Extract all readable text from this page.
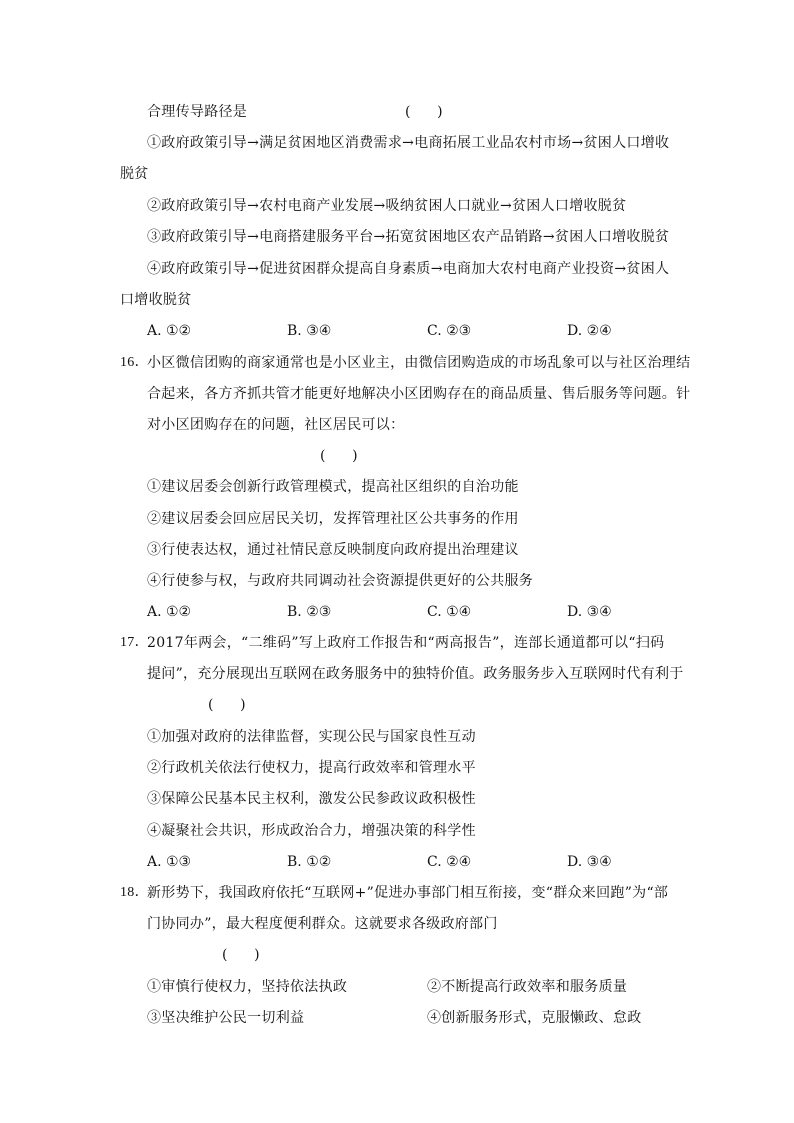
合理传导路径是	(      )
①政府政策引导→满足贫困地区消费需求→电商拓展工业品农村市场→贫困人口增收
脱贫
②政府政策引导→农村电商产业发展→吸纳贫困人口就业→贫困人口增收脱贫
③政府政策引导→电商搭建服务平台→拓宽贫困地区农产品销路→贫困人口增收脱贫
④政府政策引导→促进贫困群众提高自身素质→电商加大农村电商产业投资→贫困人
口增收脱贫
A. ①②	B. ③④	C. ②③	D. ②④
16．
小区微信团购的商家通常也是小区业主，由微信团购造成的市场乱象可以与社区治理结
合起来，各方齐抓共管才能更好地解决小区团购存在的商品质量、售后服务等问题。针
对小区团购存在的问题，社区居民可以：
(      )
①建议居委会创新行政管理模式，提高社区组织的自治功能
②建议居委会回应居民关切，发挥管理社区公共事务的作用
③行使表达权，通过社情民意反映制度向政府提出治理建议
④行使参与权，与政府共同调动社会资源提供更好的公共服务
A. ①②	B. ②③	C. ①④	D. ③④
17．
2017年两会，“二维码”写上政府工作报告和“两高报告”，连部长通道都可以“扫码
提问”，充分展现出互联网在政务服务中的独特价值。政务服务步入互联网时代有利于
(      )
①加强对政府的法律监督，实现公民与国家良性互动
②行政机关依法行使权力，提高行政效率和管理水平
③保障公民基本民主权利，激发公民参政议政积极性
④凝聚社会共识，形成政治合力，增强决策的科学性
A. ①③	B. ①②	C. ②④	D. ③④
18．
新形势下，我国政府依托“互联网+”促进办事部门相互衔接，变“群众来回跑”为“部
门协同办”，最大程度便利群众。这就要求各级政府部门
(      )
①审慎行使权力，坚持依法执政	②不断提高行政效率和服务质量
③坚决维护公民一切利益	④创新服务形式，克服懒政、怠政
